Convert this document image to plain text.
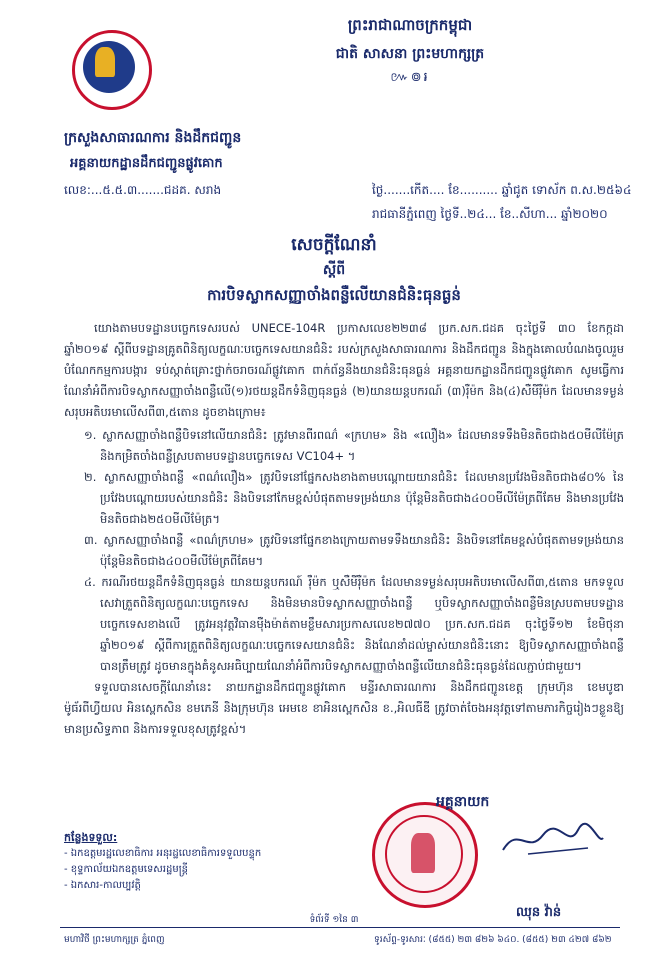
ព្រះរាជាណាចក្រកម្ពុជា
ជាតិ សាសនា ព្រះមហាក្សត្រ
៚៙៛
ក្រសួងសាធារណការ និងដឹកជញ្ជូន
អគ្គនាយកដ្ឋានដឹកជញ្ជូនផ្លូវគោក
លេខ:...៥.៥.៣.......ជដគ. សរាង	ថ្ងៃ.......កើត.... ខែ.......... ឆ្នាំជូត ទោស័ក ព.ស.២៥៦៤
រាជធានីភ្នំពេញ ថ្ងៃទី..២៤... ខែ..សីហា... ឆ្នាំ២០២០
សេចក្តីណែនាំ
ស្តីពី
ការបិទស្លាកសញ្ញាចាំងពន្លឺលើយានជំនិះធុនធ្ងន់

យោងតាមបទដ្ឋានបច្ចេកទេសរបស់ UNECE-104R ប្រកាសលេខ២២៣៨ ប្រក.សក.ជដគ ចុះថ្ងៃទី ៣០ ខែកក្កដា ឆ្នាំ២០១៩ ស្តីពីបទដ្ឋានគ្រូតពិនិត្យលក្ខណៈបច្ចេកទេសយានជំនិះ របស់ក្រសួងសាធារណការ និងដឹកជញ្ជូន និងក្នុងគោលបំណងចូលរួមបំណែកកម្មការបង្ការ ទប់ស្កាត់គ្រោះថ្នាក់ចរាចរណ៍ផ្លូវគោក ពាក់ព័ន្ធនឹងយានជំនិះធុនធ្ងន់ អគ្គនាយកដ្ឋានដឹកជញ្ជូនផ្លូវគោក សូមធ្វើការណែនាំអំពីការបិទស្លាកសញ្ញាចាំងពន្លឺលើ(១)រថយន្តដឹកទំនិញធុនធ្ងន់ (២)យានយន្តបករណ៍ (៣)រ៉ឺម៉ក និង(៤)សឺមីរ៉ឺម៉ក ដែលមានទម្ងន់សរុបអតិបរមាលើសពី៣,៥តោន ដូចខាងក្រោម៖

១. ស្លាកសញ្ញាចាំងពន្លឺបិទនៅលើយានជំនិះ ត្រូវមានពីរពណ៌ «ក្រហម» និង «លឿង» ដែលមានទទឹងមិនតិចជាង៥០មីលីម៉ែត្រ និងកម្រិតចាំងពន្លឺស្របតាមបទដ្ឋានបច្ចេកទេស VC104+ ។

២. ស្លាកសញ្ញាចាំងពន្លឺ «ពណ៌លឿង» ត្រូវបិទនៅផ្នែកសងខាងតាមបណ្តោយយានជំនិះ ដែលមានប្រវែងមិនតិចជាង៨០% នៃប្រវែងបណ្តោយរបស់យានជំនិះ និងបិទនៅកែមខ្ពស់បំផុតតាមទម្រង់យាន ប៉ុន្តែមិនតិចជាង៤០០មីលីម៉ែត្រពីគែម និងមានប្រវែងមិនតិចជាង២៥០មីលីម៉ែត្រ។

៣. ស្លាកសញ្ញាចាំងពន្លឺ «ពណ៌ក្រហម» ត្រូវបិទនៅផ្នែកខាងក្រោយតាមទទឹងយានជំនិះ និងបិទនៅគែមខ្ពស់បំផុតតាមទម្រង់យាន ប៉ុន្តែមិនតិចជាង៤០០មីលីម៉ែត្រពីគែម។

៤. ករណីរថយន្តដឹកទំនិញធុនធ្ងន់ យានយន្តបករណ៍ រ៉ឺម៉ក ឬសឺមីរ៉ឺម៉ក ដែលមានទម្ងន់សរុបអតិបរមាលើសពី៣,៥តោន មកទទួលសេវាត្រួតពិនិត្យលក្ខណៈបច្ចេកទេស និងមិនមានបិទស្លាកសញ្ញាចាំងពន្លឺ ឬបិទស្លាកសញ្ញាចាំងពន្លឺមិនស្របតាមបទដ្ឋានបច្ចេកទេសខាងលើ ត្រូវអនុវត្តវិធានម៉ឺងម៉ាត់តាមខ្លឹមសារប្រកាសលេខ២៧៧០ ប្រក.សក.ជដគ ចុះថ្ងៃទី១២ ខែមិថុនា ឆ្នាំ២០១៩ ស្តីពីការត្រួតពិនិត្យលក្ខណៈបច្ចេកទេសយានជំនិះ និងណែនាំដល់ម្ចាស់យានជំនិះនោះ ឱ្យបិទស្លាកសញ្ញាចាំងពន្លឺបានត្រឹមត្រូវ ដូចមានក្នុងគំនូសអធិប្បាយណែនាំអំពីការបិទស្លាកសញ្ញាចាំងពន្លឺលើយានជំនិះធុនធ្ងន់ដែលភ្ជាប់ជាមួយ។

ទទួលបានសេចក្តីណែនាំនេះ នាយកដ្ឋានដឹកជញ្ជូនផ្លូវគោក មន្ទីរសាធារណការ និងដឹកជញ្ជូនខេត្ត ក្រុមហ៊ុន ខេមបូឌា ម៉ូធ័រពីហ្វីយល អិនស្ពេកសិន ខមភេនី និងក្រុមហ៊ុន អេមខេ ខាអិនស្ពេកសិន ខ.,អិលធីឌី ត្រូវចាត់ចែងអនុវត្តទៅតាមភារកិច្ចរៀងៗខ្លួនឱ្យមានប្រសិទ្ធភាព និងការទទួលខុសត្រូវខ្ពស់។

កន្លែងទទួល:
- ឯកឧត្តមរដ្ឋលេខាធិការ អនុរដ្ឋលេខាធិការទទួលបន្ទុក
- ខុទ្ទកាល័យឯកឧត្តមទេសរដ្ឋមន្ត្រី
- ឯកសារ-កាលប្បវត្តិ
អគ្គនាយក
ឈុន វ៉ាន់
ទំព័រទី ១នៃ ៣
មហាវិថី ព្រះមហាក្សត្រ ភ្នំពេញ	ទូរស័ព្ទ-ទូរសារៈ (៨៥៥) ២៣ ៨២៦ ៦៤០. (៨៥៥) ២៣ ៤២៧ ៨៦២
